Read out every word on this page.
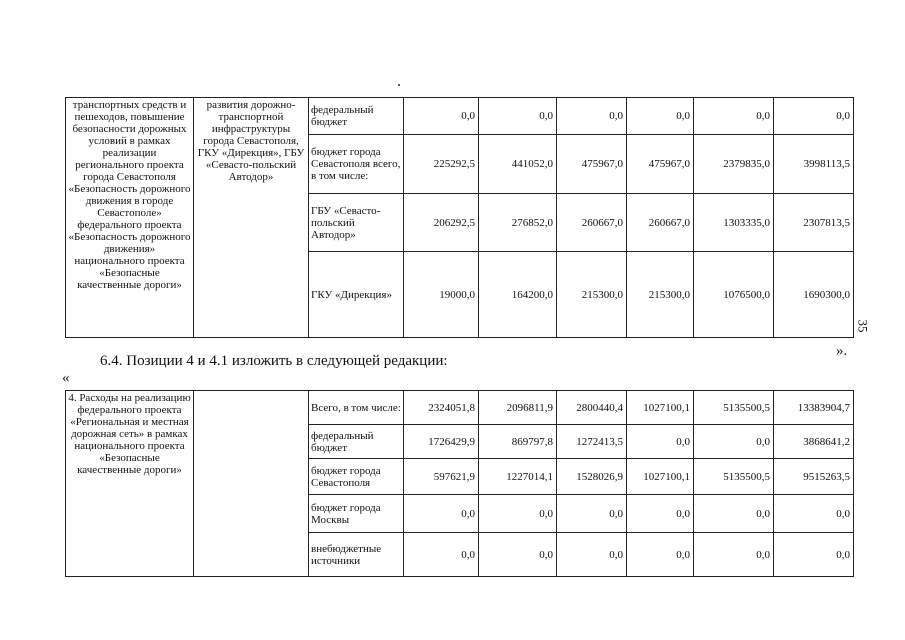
транспортных средств и пешеходов, повышение безопасности дорожных условий в рамках реализации регионального проекта города Севастополя «Безопасность дорожного движения в городе Севастополе» федерального проекта «Безопасность дорожного движения» национального проекта «Безопасные качественные дороги»	развития дорожно-транспортной инфраструктуры города Севастополя, ГКУ «Дирекция», ГБУ «Севасто-польский Автодор»	федеральный бюджет	0,0	0,0	0,0	0,0	0,0	0,0
		бюджет города Севастополя всего, в том числе:	225292,5	441052,0	475967,0	475967,0	2379835,0	3998113,5
		ГБУ «Севасто-польский Автодор»	206292,5	276852,0	260667,0	260667,0	1303335,0	2307813,5
		ГКУ «Дирекция»	19000,0	164200,0	215300,0	215300,0	1076500,0	1690300,0
35
».
6.4. Позиции 4 и 4.1 изложить в следующей редакции:
«
4. Расходы на реализацию федерального проекта «Региональная и местная дорожная сеть» в рамках национального проекта «Безопасные качественные дороги»		Всего, в том числе:	2324051,8	2096811,9	2800440,4	1027100,1	5135500,5	13383904,7
		федеральный бюджет	1726429,9	869797,8	1272413,5	0,0	0,0	3868641,2
		бюджет города Севастополя	597621,9	1227014,1	1528026,9	1027100,1	5135500,5	9515263,5
		бюджет города Москвы	0,0	0,0	0,0	0,0	0,0	0,0
		внебюджетные источники	0,0	0,0	0,0	0,0	0,0	0,0
